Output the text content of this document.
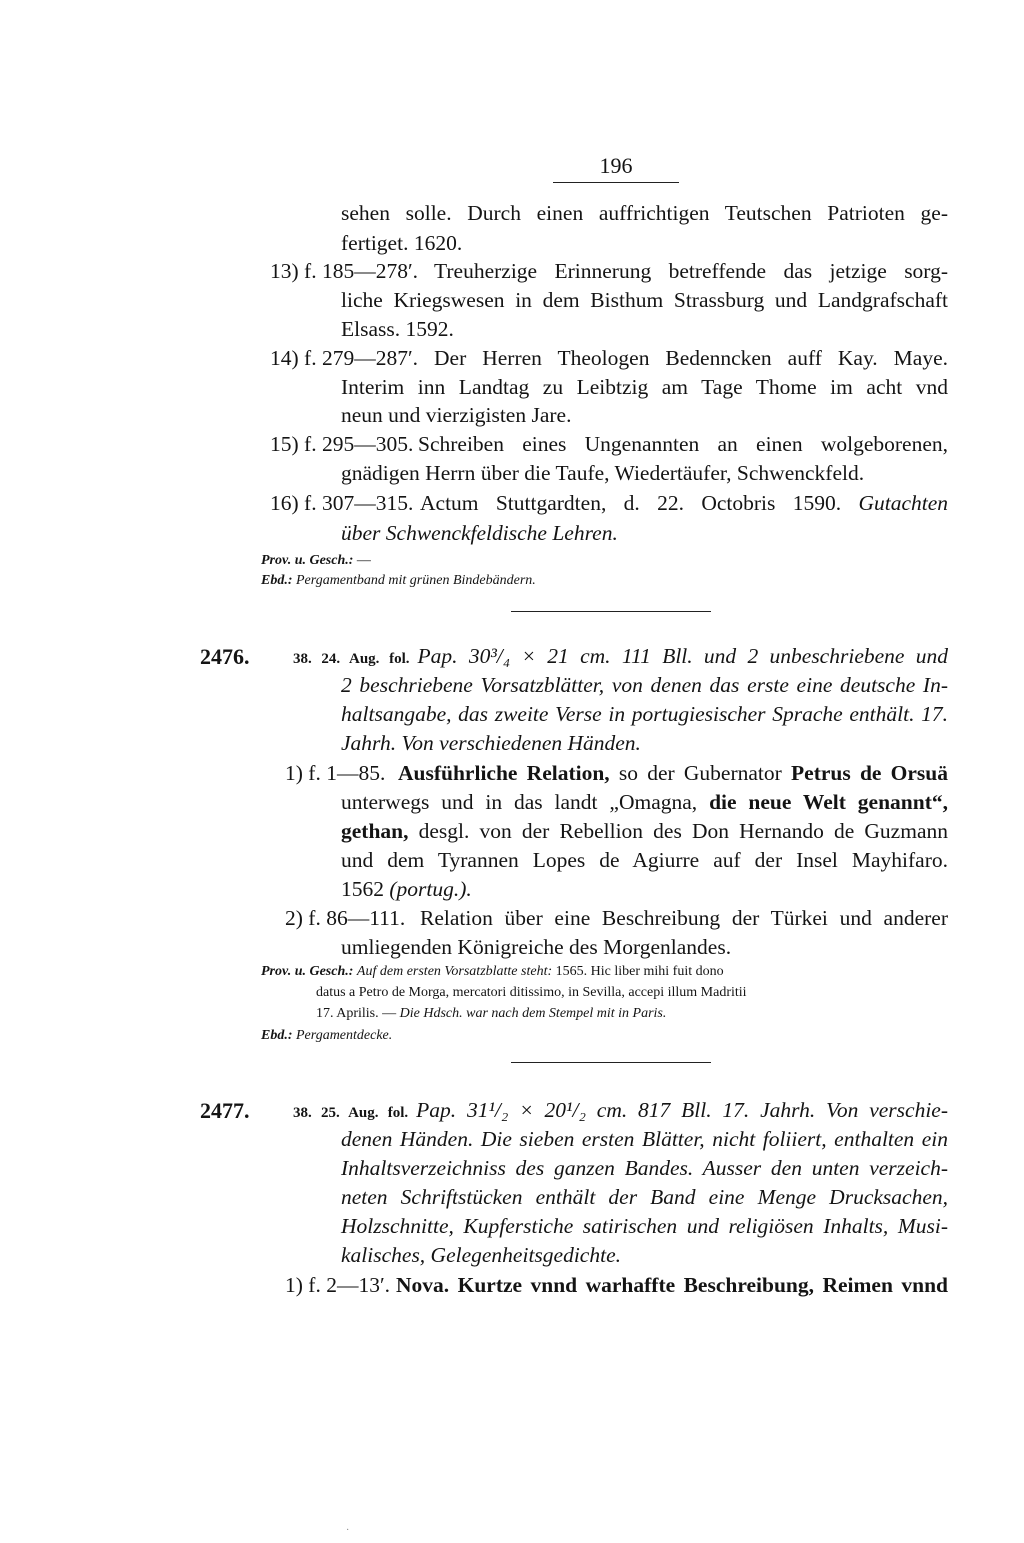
196
sehen solle. Durch einen auffrichtigen Teutschen Patrioten ge-
fertiget. 1620.
13) f. 185—278′. Treuherzige Erinnerung betreffende das jetzige sorg-
liche Kriegswesen in dem Bisthum Strassburg und Landgrafschaft
Elsass. 1592.
14) f. 279—287′. Der Herren Theologen Bedenncken auff Kay. Maye.
Interim inn Landtag zu Leibtzig am Tage Thome im acht vnd
neun und vierzigisten Jare.
15) f. 295—305. Schreiben eines Ungenannten an einen wolgeborenen,
gnädigen Herrn über die Taufe, Wiedertäufer, Schwenckfeld.
16) f. 307—315. Actum Stuttgardten, d. 22. Octobris 1590. Gutachten
über Schwenckfeldische Lehren.
Prov. u. Gesch.: —
Ebd.: Pergamentband mit grünen Bindebändern.
2476.	38. 24. Aug. fol. Pap. 30³/₄ × 21 cm. 111 Bll. und 2 unbeschriebene und
2 beschriebene Vorsatzblätter, von denen das erste eine deutsche In-
haltsangabe, das zweite Verse in portugiesischer Sprache enthält. 17.
Jahrh. Von verschiedenen Händen.
1) f. 1—85. Ausführliche Relation, so der Gubernator Petrus de Orsuä
unterwegs und in das landt „Omagna, die neue Welt genannt“,
gethan, desgl. von der Rebellion des Don Hernando de Guzmann
und dem Tyrannen Lopes de Agiurre auf der Insel Mayhifaro.
1562 (portug.).
2) f. 86—111. Relation über eine Beschreibung der Türkei und anderer
umliegenden Königreiche des Morgenlandes.
Prov. u. Gesch.: Auf dem ersten Vorsatzblatte steht: 1565. Hic liber mihi fuit dono
datus a Petro de Morga, mercatori ditissimo, in Sevilla, accepi illum Madritii
17. Aprilis. — Die Hdsch. war nach dem Stempel mit in Paris.
Ebd.: Pergamentdecke.
2477.	38. 25. Aug. fol. Pap. 31¹/₂ × 20¹/₂ cm. 817 Bll. 17. Jahrh. Von verschie-
denen Händen. Die sieben ersten Blätter, nicht foliiert, enthalten ein
Inhaltsverzeichniss des ganzen Bandes. Ausser den unten verzeich-
neten Schriftstücken enthält der Band eine Menge Drucksachen,
Holzschnitte, Kupferstiche satirischen und religiösen Inhalts, Musi-
kalisches, Gelegenheitsgedichte.
1) f. 2—13′. Nova. Kurtze vnnd warhaffte Beschreibung, Reimen vnnd
·
